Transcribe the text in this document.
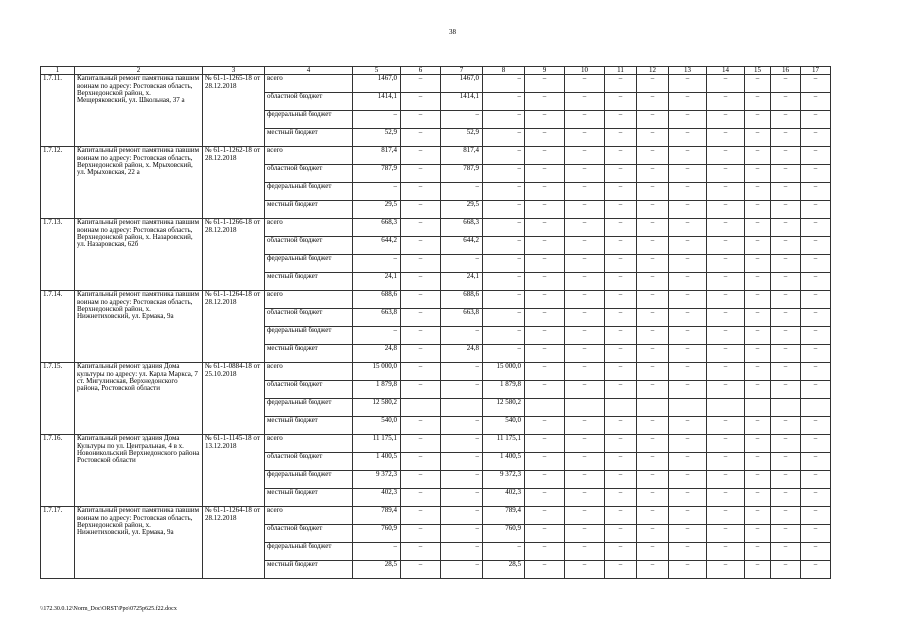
38
1	2	3	4	5	6	7	8	9	10	11	12	13	14	15	16	17
1.7.11.	Капитальный ремонт памятника павшим воинам по адресу: Ростовская область, Верхнедонской район, х. Мещеряковский, ул. Школьная, 37 а	№ 61-1-1265-18 от 28.12.2018	всего	1467,0	–	1467,0	–	–	–	–	–	–	–	–	–	–
			областной бюджет	1414,1	–	1414,1	–	–	–	–	–	–	–	–	–	–
			федеральный бюджет	–	–	–	–	–	–	–	–	–	–	–	–	–
			местный бюджет	52,9	–	52,9	–	–	–	–	–	–	–	–	–	–
1.7.12.	Капитальный ремонт памятника павшим воинам по адресу: Ростовская область, Верхнедонской район, х. Мрыховский, ул. Мрыховская, 22 а	№ 61-1-1262-18 от 28.12.2018	всего	817,4	–	817,4	–	–	–	–	–	–	–	–	–	–
			областной бюджет	787,9	–	787,9	–	–	–	–	–	–	–	–	–	–
			федеральный бюджет	–	–	–	–	–	–	–	–	–	–	–	–	–
			местный бюджет	29,5	–	29,5	–	–	–	–	–	–	–	–	–	–
1.7.13.	Капитальный ремонт памятника павшим воинам по адресу: Ростовская область, Верхнедонской район, х. Назаровский, ул. Назаровская, 62б	№ 61-1-1266-18 от 28.12.2018	всего	668,3	–	668,3	–	–	–	–	–	–	–	–	–	–
			областной бюджет	644,2	–	644,2	–	–	–	–	–	–	–	–	–	–
			федеральный бюджет	–	–	–	–	–	–	–	–	–	–	–	–	–
			местный бюджет	24,1	–	24,1	–	–	–	–	–	–	–	–	–	–
1.7.14.	Капитальный ремонт памятника павшим воинам по адресу: Ростовская область, Верхнедонской район, х. Нижнетиховский, ул. Ермака, 9а	№ 61-1-1264-18 от 28.12.2018	всего	688,6	–	688,6	–	–	–	–	–	–	–	–	–	–
			областной бюджет	663,8	–	663,8	–	–	–	–	–	–	–	–	–	–
			федеральный бюджет	–	–	–	–	–	–	–	–	–	–	–	–	–
			местный бюджет	24,8	–	24,8	–	–	–	–	–	–	–	–	–	–
1.7.15.	Капитальный ремонт здания Дома культуры по адресу: ул. Карла Маркса, 7 ст. Мигулинская, Верхнедонского района, Ростовской области	№ 61-1-0884-18 от 25.10.2018	всего	15 000,0	–	–	15 000,0	–	–	–	–	–	–	–	–	–
			областной бюджет	1 879,8	–	–	1 879,8	–	–	–	–	–	–	–	–	–
			федеральный бюджет	12 580,2			12 580,2									
			местный бюджет	540,0	–	–	540,0	–	–	–	–	–	–	–	–	–
1.7.16.	Капитальный ремонт здания Дома Культуры по ул. Центральная, 4 в х. Новоникольский Верхнедонского района Ростовской области	№ 61-1-1145-18 от 13.12.2018	всего	11 175,1	–	–	11 175,1	–	–	–	–	–	–	–	–	–
			областной бюджет	1 400,5	–	–	1 400,5	–	–	–	–	–	–	–	–	–
			федеральный бюджет	9 372,3	–	–	9 372,3	–	–	–	–	–	–	–	–	–
			местный бюджет	402,3	–	–	402,3	–	–	–	–	–	–	–	–	–
1.7.17.	Капитальный ремонт памятника павшим воинам по адресу: Ростовская область, Верхнедонской район, х. Нижнетиховский, ул. Ермака, 9а	№ 61-1-1264-18 от 28.12.2018	всего	789,4	–	–	789,4	–	–	–	–	–	–	–	–	–
			областной бюджет	760,9	–	–	760,9	–	–	–	–	–	–	–	–	–
			федеральный бюджет	–	–	–	–	–	–	–	–	–	–	–	–	–
			местный бюджет	28,5	–	–	28,5	–	–	–	–	–	–	–	–	–
\\172.30.0.12\Norm_Doc\ORST\Ppo\0725p625.f22.docx
